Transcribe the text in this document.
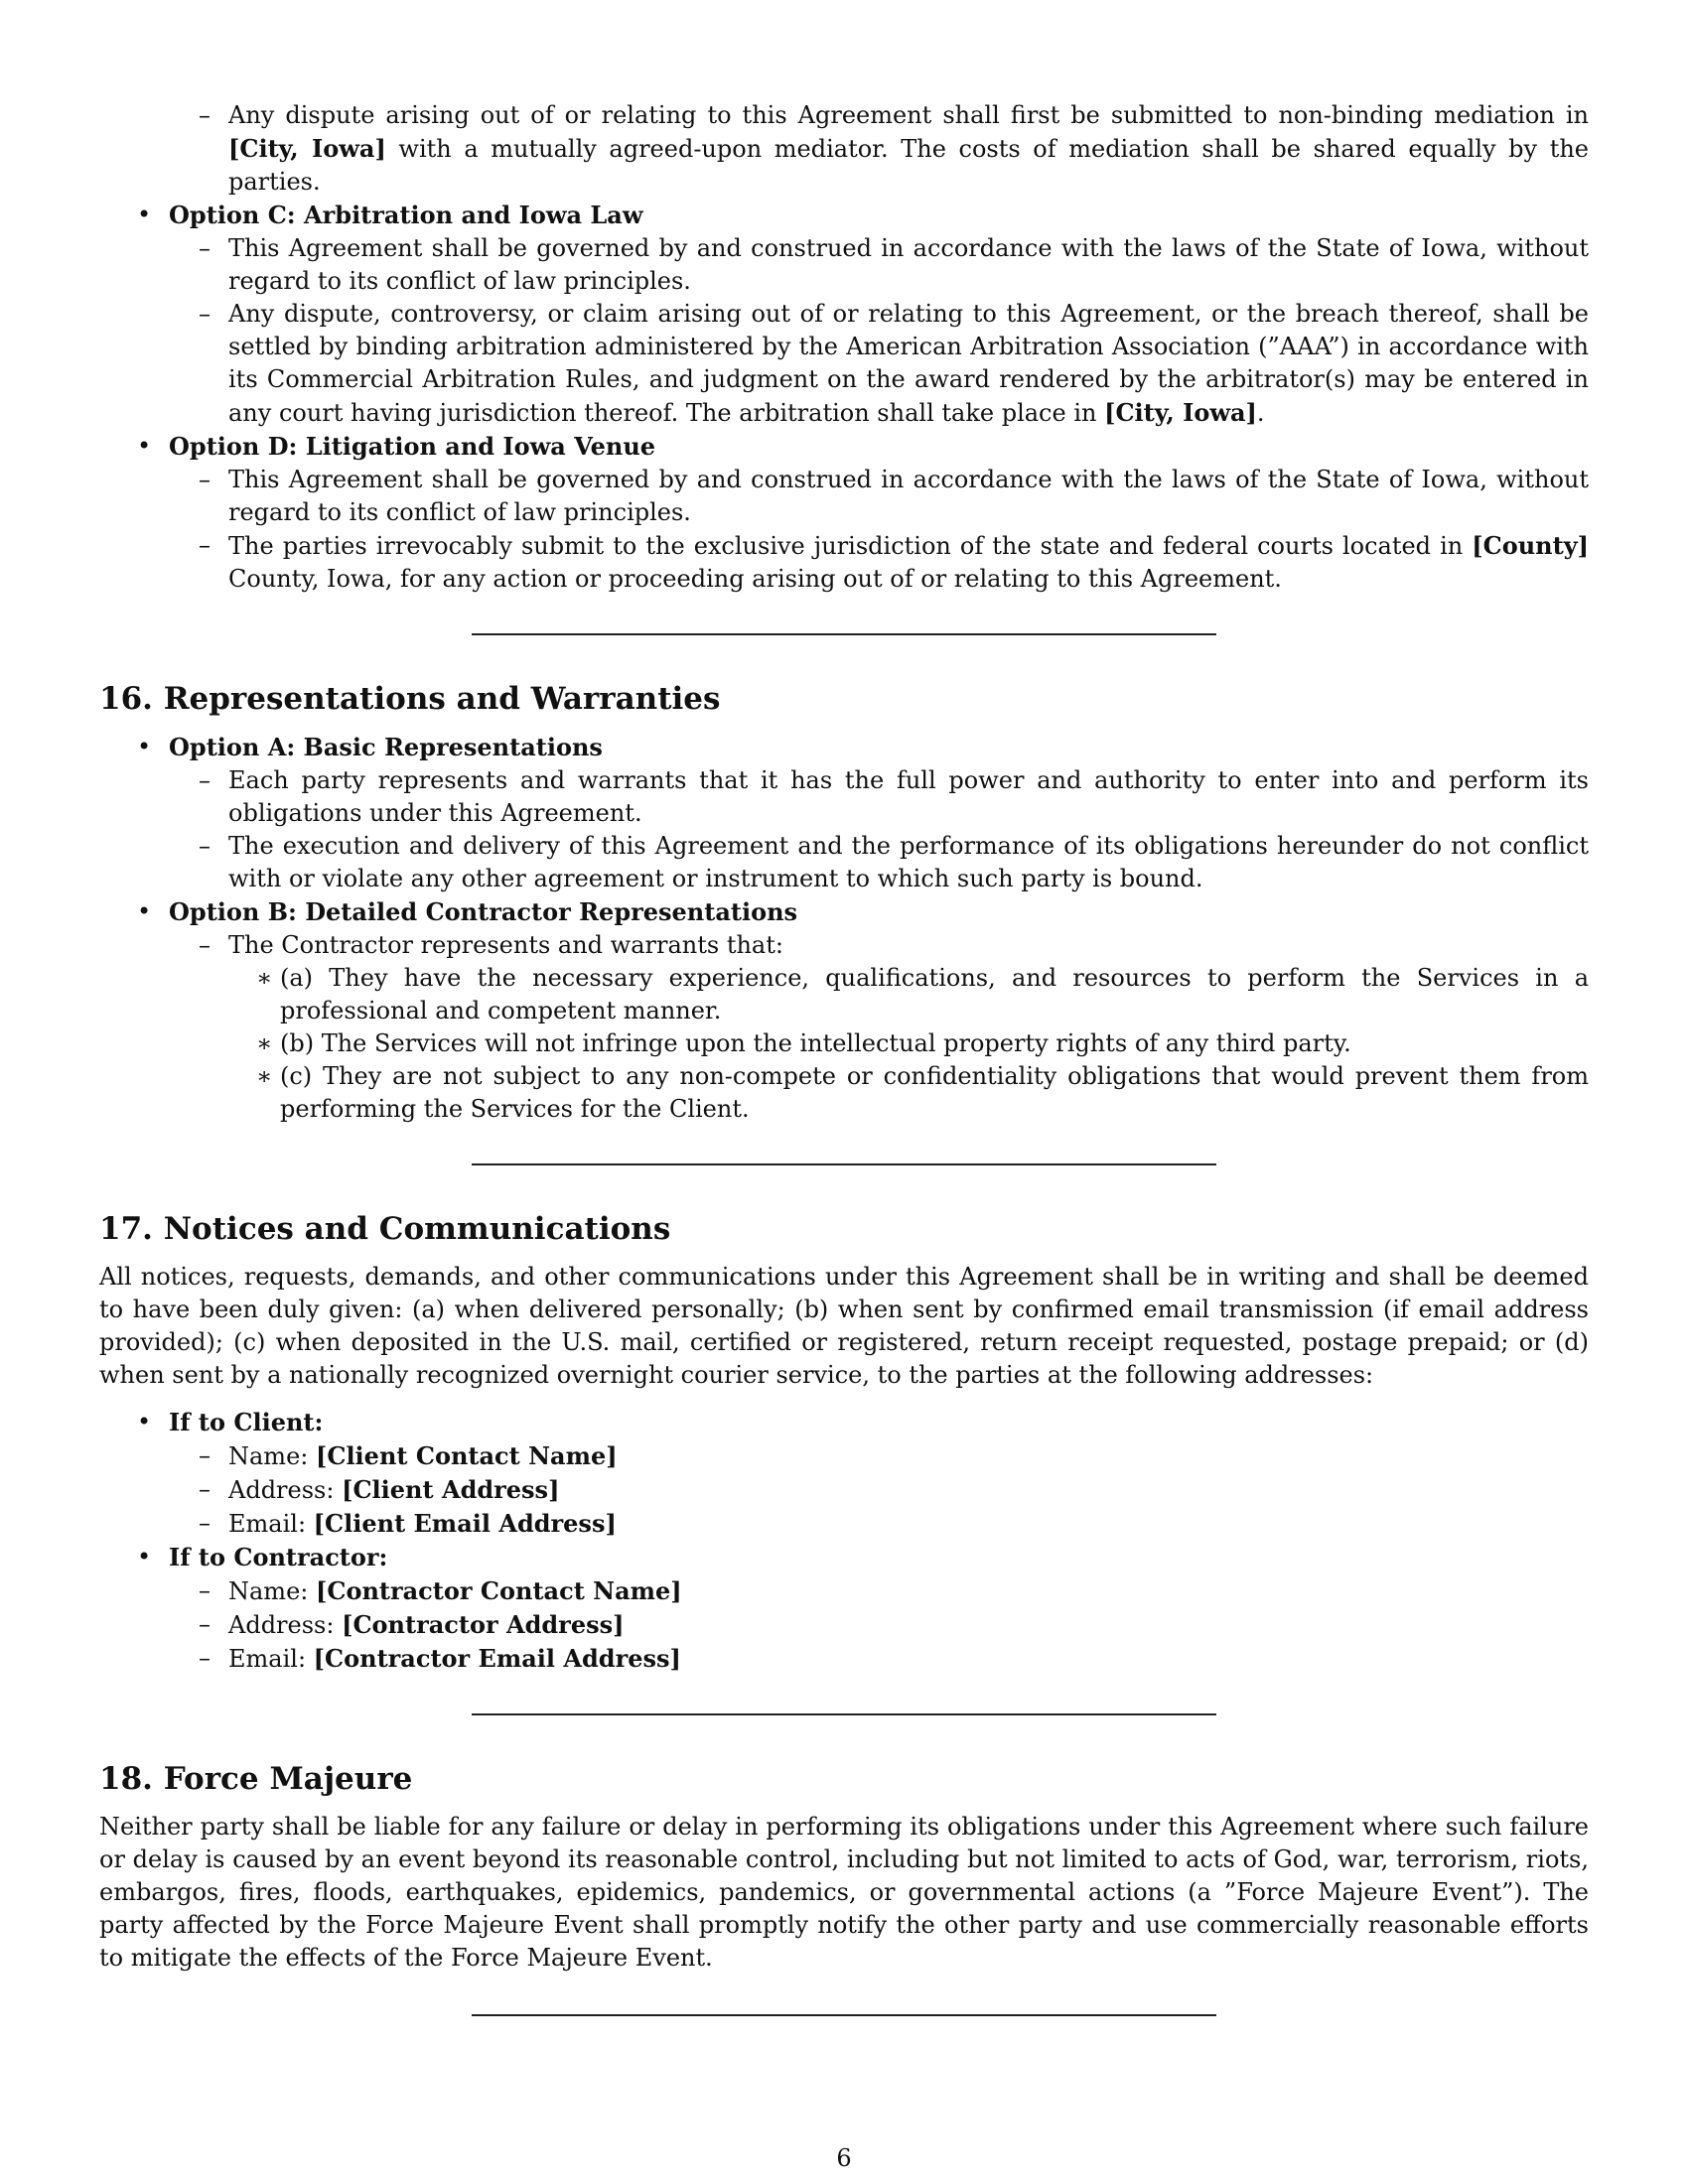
– Any dispute arising out of or relating to this Agreement shall first be submitted to non-binding mediation in [City, Iowa] with a mutually agreed-upon mediator. The costs of mediation shall be shared equally by the parties.
• Option C: Arbitration and Iowa Law
– This Agreement shall be governed by and construed in accordance with the laws of the State of Iowa, without regard to its conflict of law principles.
– Any dispute, controversy, or claim arising out of or relating to this Agreement, or the breach thereof, shall be settled by binding arbitration administered by the American Arbitration Association (”AAA”) in accordance with its Commercial Arbitration Rules, and judgment on the award rendered by the arbitrator(s) may be entered in any court having jurisdiction thereof. The arbitration shall take place in [City, Iowa].
• Option D: Litigation and Iowa Venue
– This Agreement shall be governed by and construed in accordance with the laws of the State of Iowa, without regard to its conflict of law principles.
– The parties irrevocably submit to the exclusive jurisdiction of the state and federal courts located in [County] County, Iowa, for any action or proceeding arising out of or relating to this Agreement.
16. Representations and Warranties
• Option A: Basic Representations
– Each party represents and warrants that it has the full power and authority to enter into and perform its obligations under this Agreement.
– The execution and delivery of this Agreement and the performance of its obligations hereunder do not conflict with or violate any other agreement or instrument to which such party is bound.
• Option B: Detailed Contractor Representations
– The Contractor represents and warrants that:
∗ (a) They have the necessary experience, qualifications, and resources to perform the Services in a professional and competent manner.
∗ (b) The Services will not infringe upon the intellectual property rights of any third party.
∗ (c) They are not subject to any non-compete or confidentiality obligations that would prevent them from performing the Services for the Client.
17. Notices and Communications

All notices, requests, demands, and other communications under this Agreement shall be in writing and shall be deemed to have been duly given: (a) when delivered personally; (b) when sent by confirmed email transmission (if email address provided); (c) when deposited in the U.S. mail, certified or registered, return receipt requested, postage prepaid; or (d) when sent by a nationally recognized overnight courier service, to the parties at the following addresses:

• If to Client:
– Name: [Client Contact Name]
– Address: [Client Address]
– Email: [Client Email Address]
• If to Contractor:
– Name: [Contractor Contact Name]
– Address: [Contractor Address]
– Email: [Contractor Email Address]
18. Force Majeure

Neither party shall be liable for any failure or delay in performing its obligations under this Agreement where such failure or delay is caused by an event beyond its reasonable control, including but not limited to acts of God, war, terrorism, riots, embargos, fires, floods, earthquakes, epidemics, pandemics, or governmental actions (a ”Force Majeure Event”). The party affected by the Force Majeure Event shall promptly notify the other party and use commercially reasonable efforts to mitigate the effects of the Force Majeure Event.

6
